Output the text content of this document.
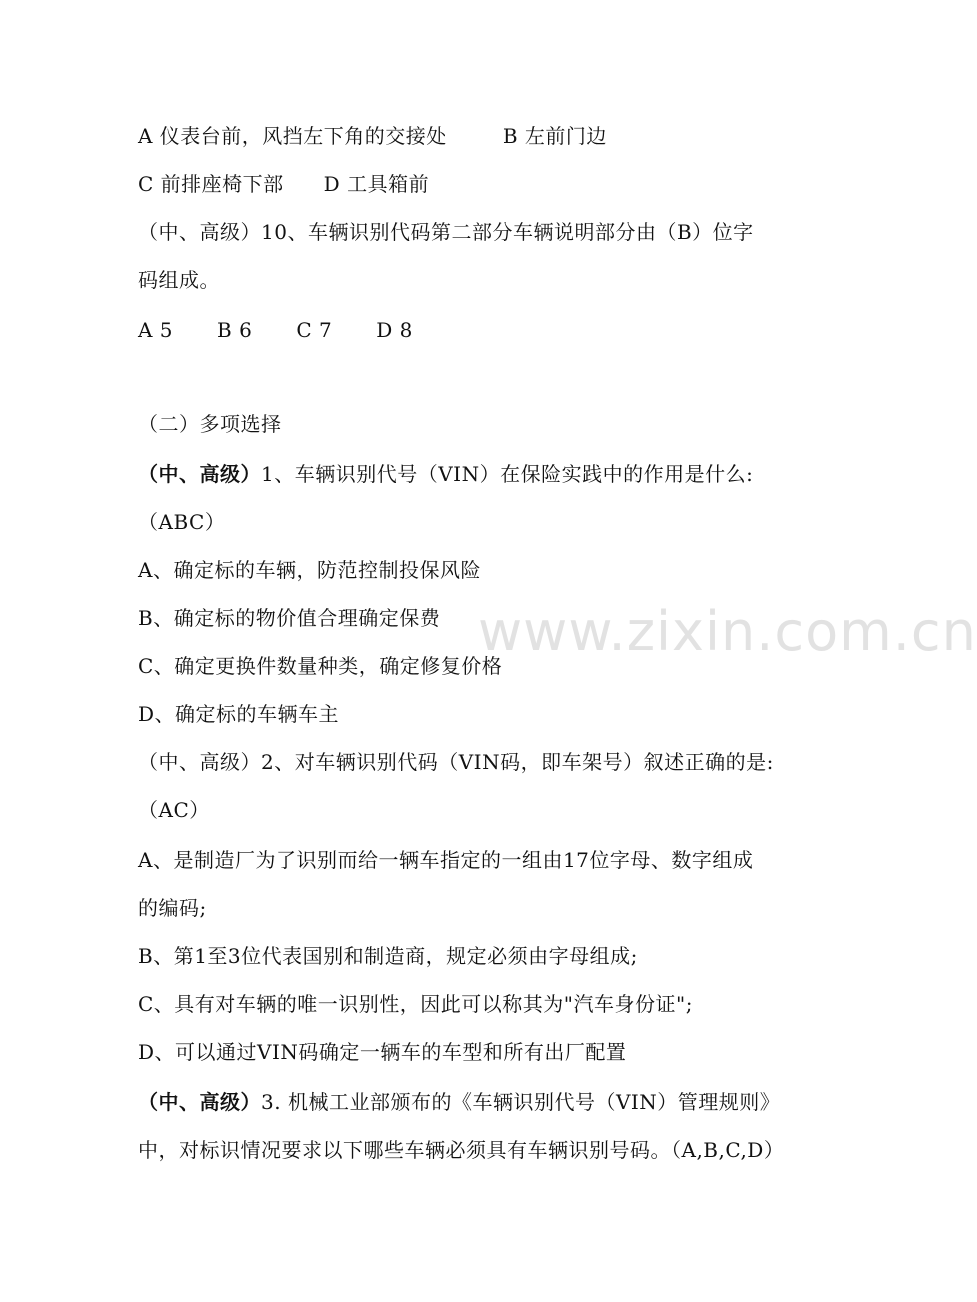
A 仪表台前，风挡左下角的交接处	B 左前门边
C 前排座椅下部 D 工具箱前
（中、高级）10、车辆识别代码第二部分车辆说明部分由（B）位字
码组成。
A 5 B 6 C 7 D 8
（二）多项选择
（中、高级）1、车辆识别代号（VIN）在保险实践中的作用是什么:
（ABC）
A、确定标的车辆，防范控制投保风险
B、确定标的物价值合理确定保费
C、确定更换件数量种类，确定修复价格
D、确定标的车辆车主
（中、高级）2、对车辆识别代码（VIN码，即车架号）叙述正确的是:
（AC）
A、是制造厂为了识别而给一辆车指定的一组由17位字母、数字组成
的编码;
B、第1至3位代表国别和制造商，规定必须由字母组成;
C、具有对车辆的唯一识别性，因此可以称其为"汽车身份证";
D、可以通过VIN码确定一辆车的车型和所有出厂配置
（中、高级）3. 机械工业部颁布的《车辆识别代号（VIN）管理规则》
中，对标识情况要求以下哪些车辆必须具有车辆识别号码。（A,B,C,D）
www.zixin.com.cn
